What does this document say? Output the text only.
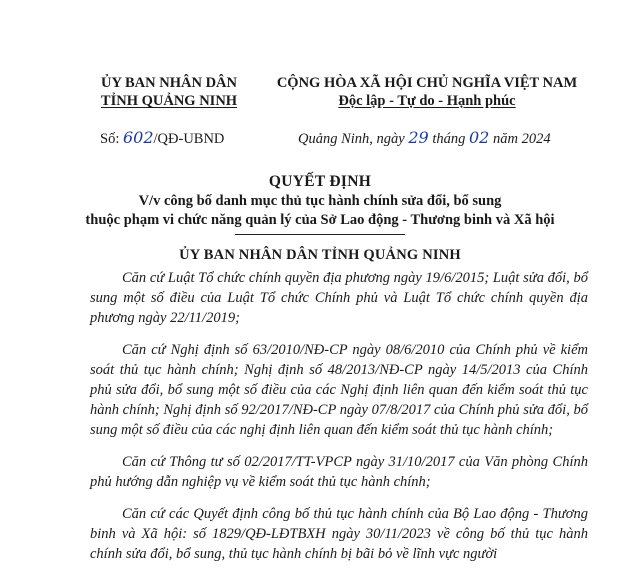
ỦY BAN NHÂN DÂN
TỈNH QUẢNG NINH
CỘNG HÒA XÃ HỘI CHỦ NGHĨA VIỆT NAM
Độc lập - Tự do - Hạnh phúc
Số: 602/QĐ-UBND	Quảng Ninh, ngày 29 tháng 02 năm 2024
QUYẾT ĐỊNH
V/v công bố danh mục thủ tục hành chính sửa đổi, bổ sung
thuộc phạm vi chức năng quản lý của Sở Lao động - Thương binh và Xã hội
ỦY BAN NHÂN DÂN TỈNH QUẢNG NINH

Căn cứ Luật Tổ chức chính quyền địa phương ngày 19/6/2015; Luật sửa đổi, bổ sung một số điều của Luật Tổ chức Chính phủ và Luật Tổ chức chính quyền địa phương ngày 22/11/2019;

Căn cứ Nghị định số 63/2010/NĐ-CP ngày 08/6/2010 của Chính phủ về kiểm soát thủ tục hành chính; Nghị định số 48/2013/NĐ-CP ngày 14/5/2013 của Chính phủ sửa đổi, bổ sung một số điều của các Nghị định liên quan đến kiểm soát thủ tục hành chính; Nghị định số 92/2017/NĐ-CP ngày 07/8/2017 của Chính phủ sửa đổi, bổ sung một số điều của các nghị định liên quan đến kiểm soát thủ tục hành chính;

Căn cứ Thông tư số 02/2017/TT-VPCP ngày 31/10/2017 của Văn phòng Chính phủ hướng dẫn nghiệp vụ về kiểm soát thủ tục hành chính;

Căn cứ các Quyết định công bố thủ tục hành chính của Bộ Lao động - Thương binh và Xã hội: số 1829/QĐ-LĐTBXH ngày 30/11/2023 về công bố thủ tục hành chính sửa đổi, bổ sung, thủ tục hành chính bị bãi bỏ về lĩnh vực người
